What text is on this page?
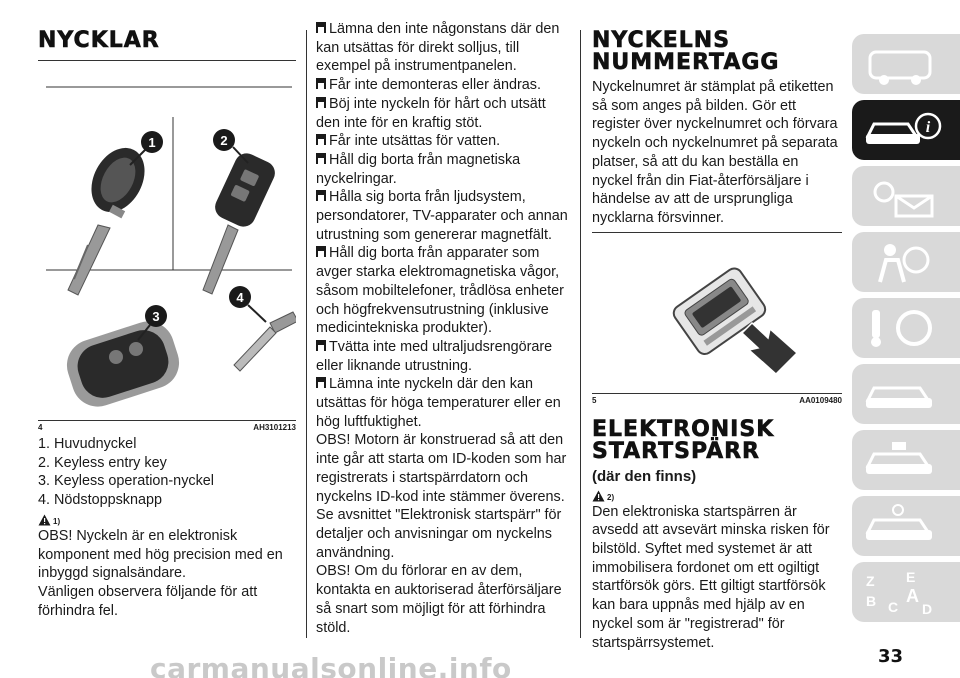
NYCKLAR
1	2
3
4
4	AH3101213
1. Huvudnyckel
2. Keyless entry key
3. Keyless operation-nyckel
4. Nödstoppsknapp
1)

OBS! Nyckeln är en elektronisk komponent med hög precision med en inbyggd signalsändare.

Vänligen observera följande för att förhindra fel.

Lämna den inte någonstans där den kan utsättas för direkt solljus, till exempel på instrumentpanelen.
Får inte demonteras eller ändras.
Böj inte nyckeln för hårt och utsätt den inte för en kraftig stöt.
Får inte utsättas för vatten.
Håll dig borta från magnetiska nyckelringar.
Hålla sig borta från ljudsystem, persondatorer, TV-apparater och annan utrustning som genererar magnetfält.
Håll dig borta från apparater som avger starka elektromagnetiska vågor, såsom mobiltelefoner, trådlösa enheter och högfrekvensutrustning (inklusive medicintekniska produkter).
Tvätta inte med ultraljudsrengörare eller liknande utrustning.
Lämna inte nyckeln där den kan utsättas för höga temperaturer eller en hög luftfuktighet.

OBS! Motorn är konstruerad så att den inte går att starta om ID-koden som har registrerats i startspärrdatorn och nyckelns ID-kod inte stämmer överens. Se avsnittet "Elektronisk startspärr" för detaljer och anvisningar om nyckelns användning.

OBS! Om du förlorar en av dem, kontakta en auktoriserad återförsäljare så snart som möjligt för att förhindra stöld.

NYCKELNS NUMMERTAGG

Nyckelnumret är stämplat på etiketten så som anges på bilden. Gör ett register över nyckelnumret och förvara nyckeln och nyckelnumret på separata platser, så att du kan beställa en nyckel från din Fiat-återförsäljare i händelse av att de ursprungliga nycklarna försvinner.

5	AA0109480
ELEKTRONISK STARTSPÄRR
(där den finns)
2)

Den elektroniska startspärren är avsedd att avsevärt minska risken för bilstöld. Syftet med systemet är att immobilisera fordonet om ett ogiltigt startförsök görs. Ett giltigt startförsök kan bara uppnås med hjälp av en nyckel som är "registrerad" för startspärrsystemet.

i
Z E
B C
A
D
33
carmanualsonline.info
